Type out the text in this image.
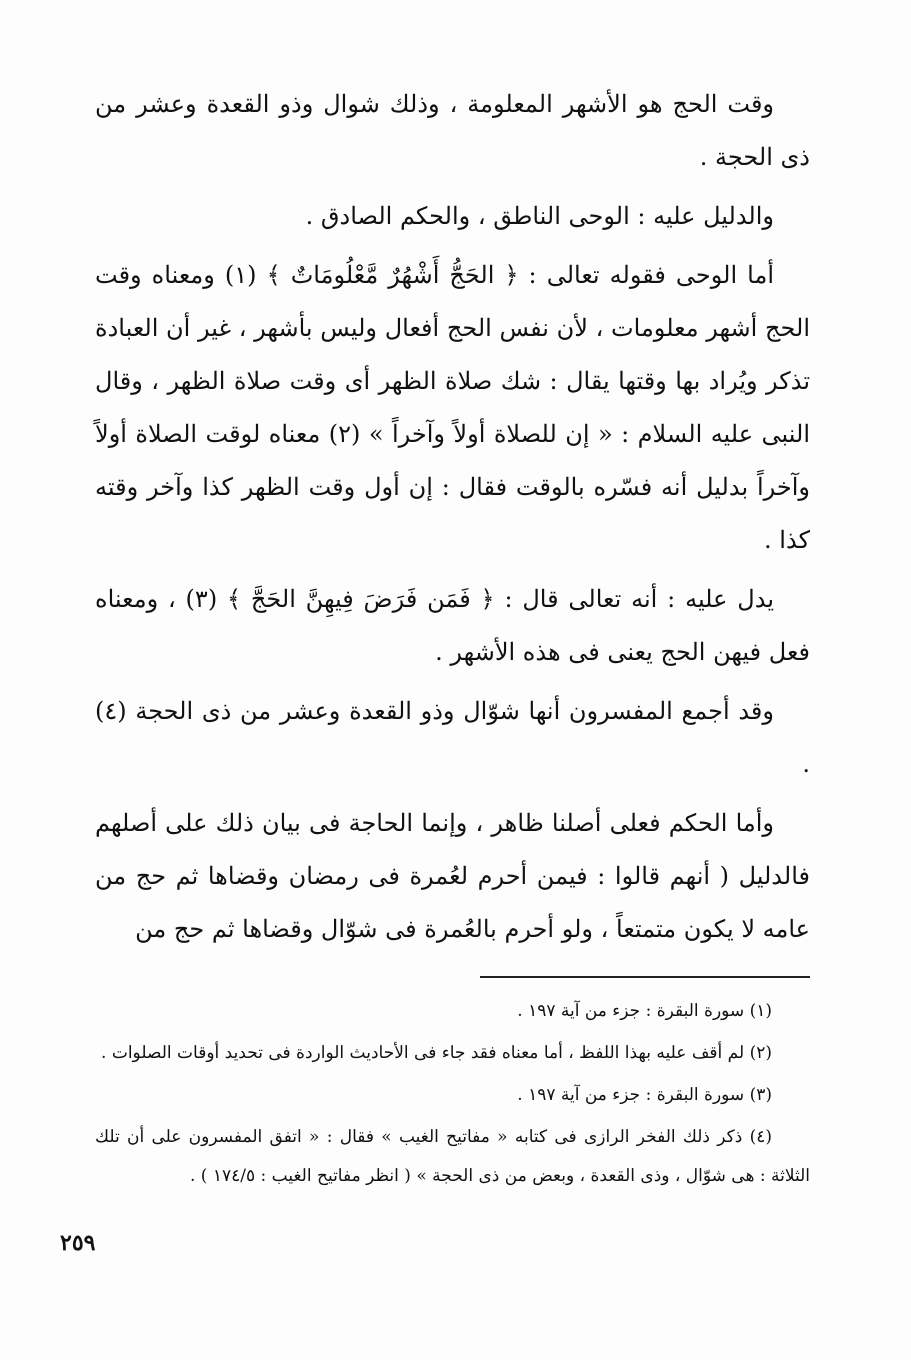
وقت الحج هو الأشهر المعلومة ، وذلك شوال وذو القعدة وعشر من ذى الحجة .

والدليل عليه : الوحى الناطق ، والحكم الصادق .

أما الوحى فقوله تعالى : ﴿ الحَجُّ أَشْهُرٌ مَّعْلُومَاتٌ ﴾ (١) ومعناه وقت الحج أشهر معلومات ، لأن نفس الحج أفعال وليس بأشهر ، غير أن العبادة تذكر ويُراد بها وقتها يقال : شك صلاة الظهر أى وقت صلاة الظهر ، وقال النبى عليه السلام : « إن للصلاة أولاً وآخراً » (٢) معناه لوقت الصلاة أولاً وآخراً بدليل أنه فسّره بالوقت فقال : إن أول وقت الظهر كذا وآخر وقته كذا .

يدل عليه : أنه تعالى قال : ﴿ فَمَن فَرَضَ فِيهِنَّ الحَجَّ ﴾ (٣) ، ومعناه فعل فيهن الحج يعنى فى هذه الأشهر .

وقد أجمع المفسرون أنها شوّال وذو القعدة وعشر من ذى الحجة (٤) .

وأما الحكم فعلى أصلنا ظاهر ، وإنما الحاجة فى بيان ذلك على أصلهم فالدليل ( أنهم قالوا : فيمن أحرم لعُمرة فى رمضان وقضاها ثم حج من عامه لا يكون متمتعاً ، ولو أحرم بالعُمرة فى شوّال وقضاها ثم حج من

(١) سورة البقرة : جزء من آية ١٩٧ .

(٢) لم أقف عليه بهذا اللفظ ، أما معناه فقد جاء فى الأحاديث الواردة فى تحديد أوقات الصلوات .

(٣) سورة البقرة : جزء من آية ١٩٧ .

(٤) ذكر ذلك الفخر الرازى فى كتابه « مفاتيح الغيب » فقال : « اتفق المفسرون على أن تلك الثلاثة : هى شوّال ، وذى القعدة ، وبعض من ذى الحجة » ( انظر مفاتيح الغيب : ١٧٤/٥ ) .

٢٥٩
